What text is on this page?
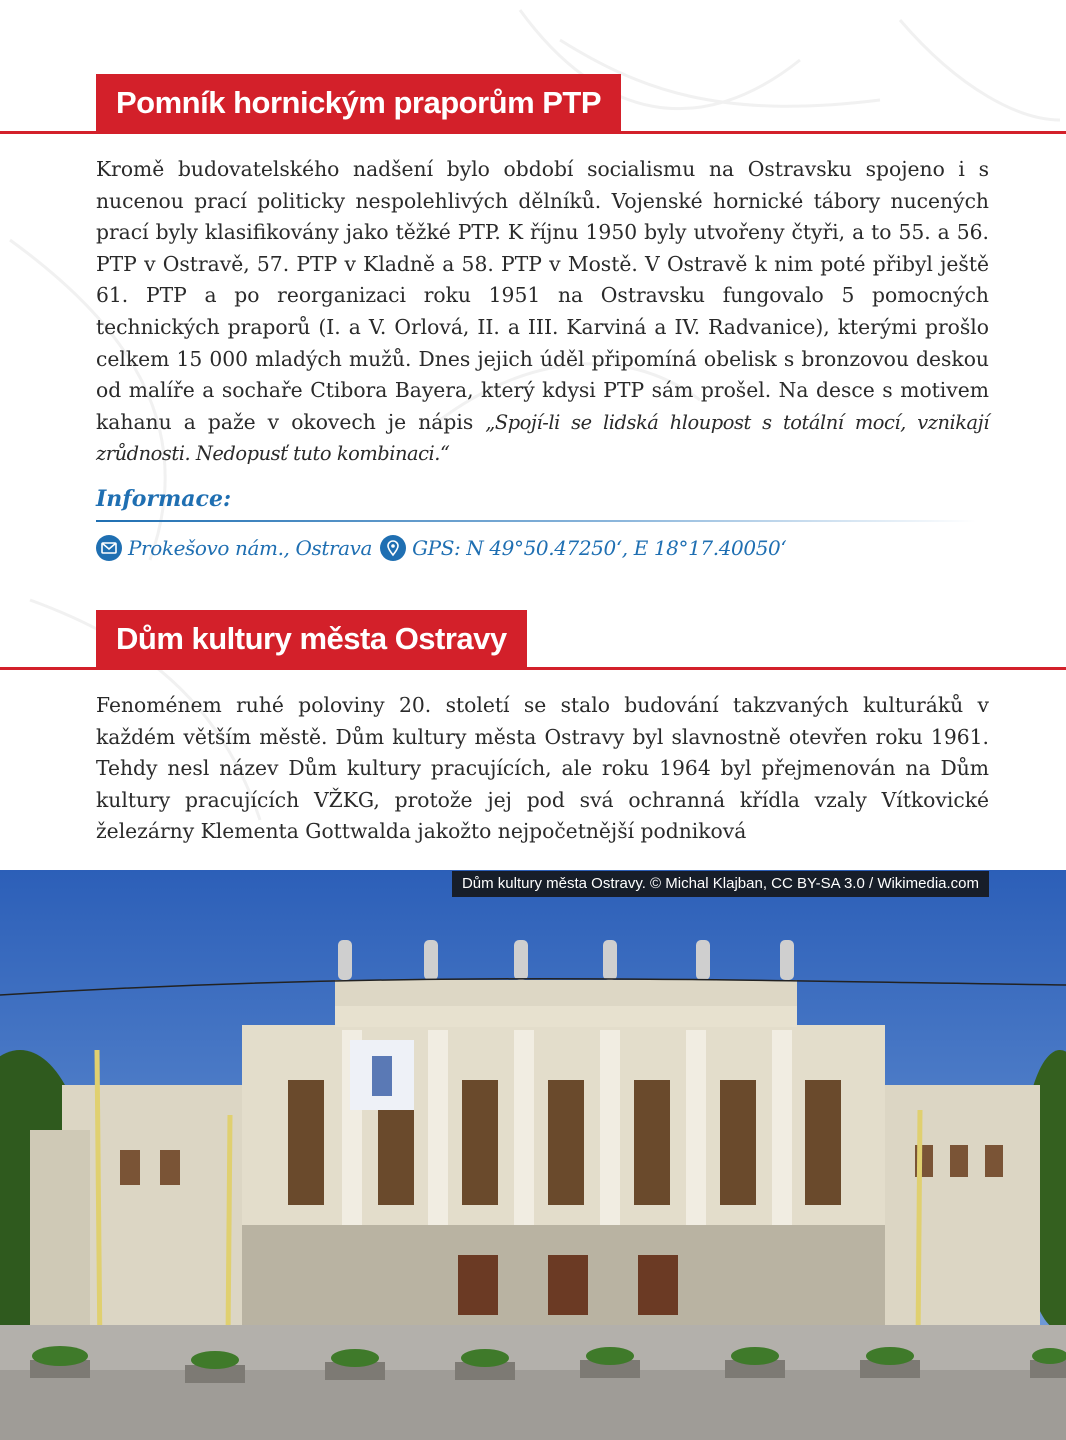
Pomník hornickým praporům PTP

Kromě budovatelského nadšení bylo období socialismu na Ostravsku spojeno i s nucenou prací politicky nespolehlivých dělníků. Vojenské hornické tábory nucených prací byly klasifikovány jako těžké PTP. K říjnu 1950 byly utvořeny čtyři, a to 55. a 56. PTP v Ostravě, 57. PTP v Kladně a 58. PTP v Mostě. V Ostravě k nim poté přibyl ještě 61. PTP a po reorganizaci roku 1951 na Ostravsku fungovalo 5 pomocných technických praporů (I. a V. Orlová, II. a III. Karviná a IV. Radvanice), kterými prošlo celkem 15 000 mladých mužů. Dnes jejich úděl připomíná obelisk s bronzovou deskou od malíře a sochaře Ctibora Bayera, který kdysi PTP sám prošel. Na desce s motivem kahanu a paže v okovech je nápis „Spojí-li se lidská hloupost s totální mocí, vznikají zrůdnosti. Nedopusť tuto kombinaci.“

Informace:
Prokešovo nám., Ostrava GPS: N 49°50.47250‘, E 18°17.40050‘
Dům kultury města Ostravy

Fenoménem ruhé poloviny 20. století se stalo budování takzvaných kulturáků v každém větším městě. Dům kultury města Ostravy byl slavnostně otevřen roku 1961. Tehdy nesl název Dům kultury pracujících, ale roku 1964 byl přejmenován na Dům kultury pracujících VŽKG, protože jej pod svá ochranná křídla vzaly Vítkovické železárny Klementa Gottwalda jakožto nejpočetnější podniková

Dům kultury města Ostravy. © Michal Klajban, CC BY-SA 3.0 / Wikimedia.com
